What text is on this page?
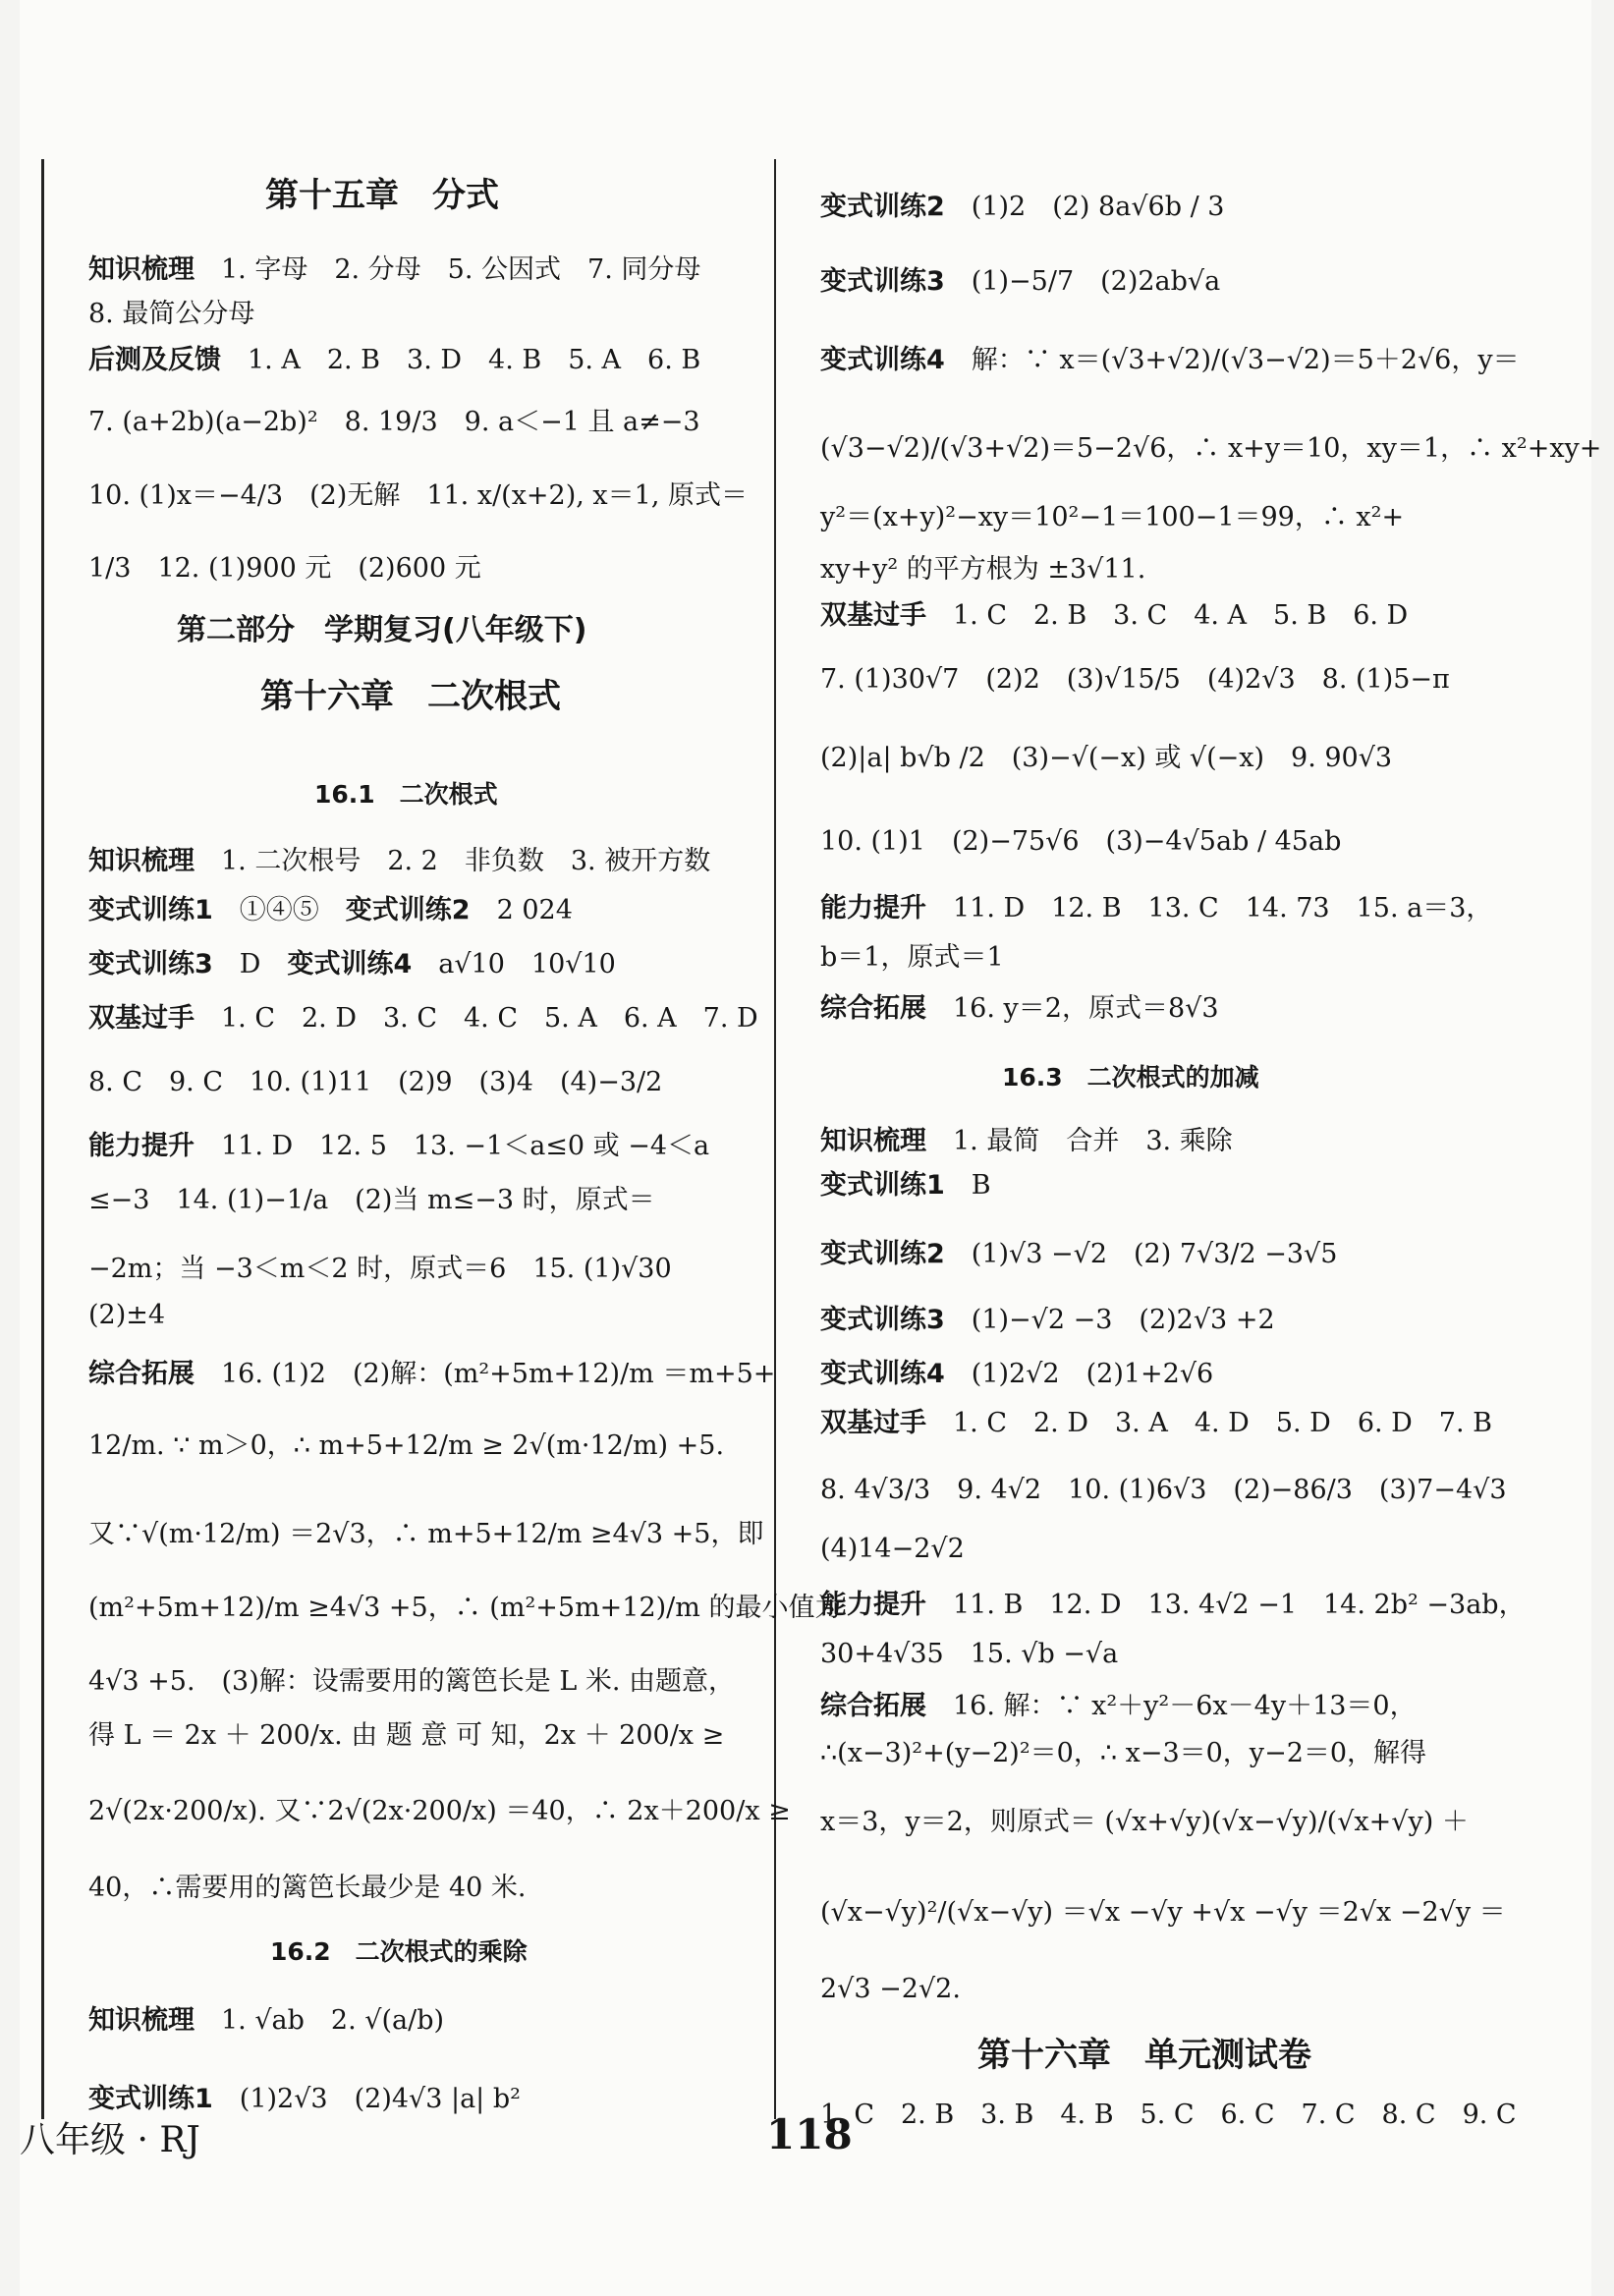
第十五章　分式
知识梳理　 1. 字母　2. 分母　5. 公因式　7. 同分母
8. 最简公分母
后测及反馈　 1. A　2. B　3. D　4. B　5. A　6. B
7. (a+2b)(a−2b)²　8. 19/3　9. a＜−1 且 a≠−3
10. (1)x＝−4/3　(2)无解　11. x/(x+2), x＝1, 原式＝
1/3　12. (1)900 元　(2)600 元
第二部分　学期复习(八年级下)
第十六章　二次根式
16.1　二次根式
知识梳理　 1. 二次根号　2. 2　非负数　3. 被开方数
变式训练1　 ①④⑤　变式训练2　 2 024
变式训练3　 D　变式训练4　 a√10　10√10
双基过手　 1. C　2. D　3. C　4. C　5. A　6. A　7. D
8. C　9. C　10. (1)11　(2)9　(3)4　(4)−3/2
能力提升　 11. D　12. 5　13. −1＜a≤0 或 −4＜a
≤−3　14. (1)−1/a　(2)当 m≤−3 时，原式＝
−2m；当 −3＜m＜2 时，原式＝6　15. (1)√30
(2)±4
综合拓展　 16. (1)2　(2)解：(m²+5m+12)/m ＝m+5+
12/m. ∵ m＞0，∴ m+5+12/m ≥ 2√(m·12/m) +5.
又∵√(m·12/m) ＝2√3，∴ m+5+12/m ≥4√3 +5，即
(m²+5m+12)/m ≥4√3 +5，∴ (m²+5m+12)/m 的最小值为
4√3 +5.　(3)解：设需要用的篱笆长是 L 米. 由题意，
得 L ＝ 2x ＋ 200/x. 由 题 意 可 知，2x ＋ 200/x ≥
2√(2x·200/x). 又∵2√(2x·200/x) ＝40，∴ 2x＋200/x ≥
40，∴需要用的篱笆长最少是 40 米.
16.2　二次根式的乘除
知识梳理　 1. √ab　2. √(a/b)
变式训练1　 (1)2√3　(2)4√3 |a| b²
变式训练2　 (1)2　(2) 8a√6b / 3
变式训练3　 (1)−5/7　(2)2ab√a
变式训练4　 解：∵ x＝(√3+√2)/(√3−√2)＝5＋2√6，y＝
(√3−√2)/(√3+√2)＝5−2√6，∴ x+y＝10，xy＝1，∴ x²+xy+
y²＝(x+y)²−xy＝10²−1＝100−1＝99，∴ x²+
xy+y² 的平方根为 ±3√11.
双基过手　 1. C　2. B　3. C　4. A　5. B　6. D
7. (1)30√7　(2)2　(3)√15/5　(4)2√3　8. (1)5−π
(2)|a| b√b /2　(3)−√(−x) 或 √(−x)　9. 90√3
10. (1)1　(2)−75√6　(3)−4√5ab / 45ab
能力提升　 11. D　12. B　13. C　14. 73　15. a＝3，
b＝1，原式＝1
综合拓展　 16. y＝2，原式＝8√3
16.3　二次根式的加减
知识梳理　 1. 最简　合并　3. 乘除
变式训练1　 B
变式训练2　 (1)√3 −√2　(2) 7√3/2 −3√5
变式训练3　 (1)−√2 −3　(2)2√3 +2
变式训练4　 (1)2√2　(2)1+2√6
双基过手　 1. C　2. D　3. A　4. D　5. D　6. D　7. B
8. 4√3/3　9. 4√2　10. (1)6√3　(2)−86/3　(3)7−4√3
(4)14−2√2
能力提升　 11. B　12. D　13. 4√2 −1　14. 2b² −3ab，
30+4√35　15. √b −√a
综合拓展　 16. 解：∵ x²＋y²－6x－4y＋13＝0，
∴(x−3)²+(y−2)²＝0，∴ x−3＝0，y−2＝0，解得
x＝3，y＝2，则原式＝ (√x+√y)(√x−√y)/(√x+√y) ＋
(√x−√y)²/(√x−√y) ＝√x −√y +√x −√y ＝2√x −2√y ＝
2√3 −2√2.
第十六章　单元测试卷
1. C　2. B　3. B　4. B　5. C　6. C　7. C　8. C　9. C
八年级 · RJ	118
